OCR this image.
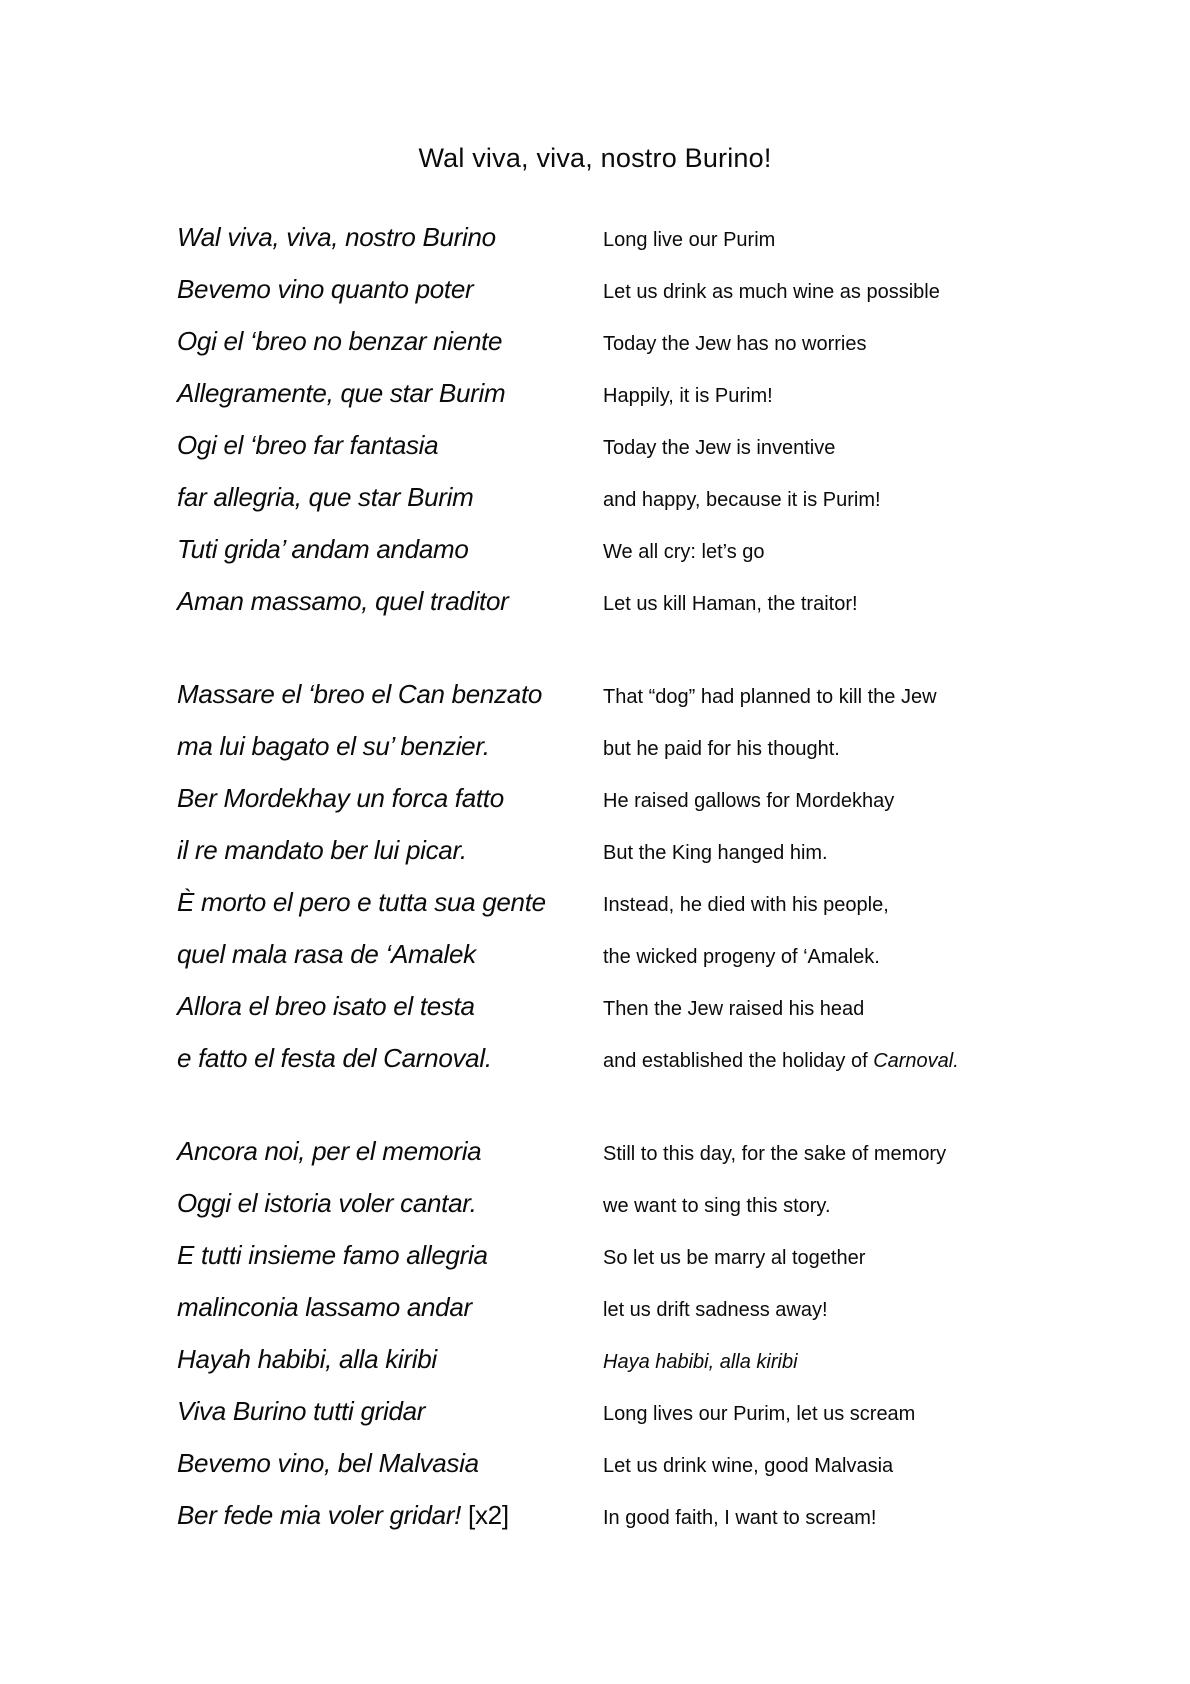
Wal viva, viva, nostro Burino!
Wal viva, viva, nostro Burino	Long live our Purim
Bevemo vino quanto poter	Let us drink as much wine as possible
Ogi el ‘breo no benzar niente	Today the Jew has no worries
Allegramente, que star Burim	Happily, it is Purim!
Ogi el ‘breo far fantasia	Today the Jew is inventive
far allegria, que star Burim	and happy, because it is Purim!
Tuti grida’ andam andamo	We all cry: let’s go
Aman massamo, quel traditor	Let us kill Haman, the traitor!
Massare el ‘breo el Can benzato	That “dog” had planned to kill the Jew
ma lui bagato el su’ benzier.	but he paid for his thought.
Ber Mordekhay un forca fatto	He raised gallows for Mordekhay
il re mandato ber lui picar.	But the King hanged him.
È morto el pero e tutta sua gente	Instead, he died with his people,
quel mala rasa de ‘Amalek	the wicked progeny of ‘Amalek.
Allora el breo isato el testa	Then the Jew raised his head
e fatto el festa del Carnoval.	and established the holiday of Carnoval.
Ancora noi, per el memoria	Still to this day, for the sake of memory
Oggi el istoria voler cantar.	we want to sing this story.
E tutti insieme famo allegria	So let us be marry al together
malinconia lassamo andar	let us drift sadness away!
Hayah habibi, alla kiribi	Haya habibi, alla kiribi
Viva Burino tutti gridar	Long lives our Purim, let us scream
Bevemo vino, bel Malvasia	Let us drink wine, good Malvasia
Ber fede mia voler gridar! [x2]	In good faith, I want to scream!
